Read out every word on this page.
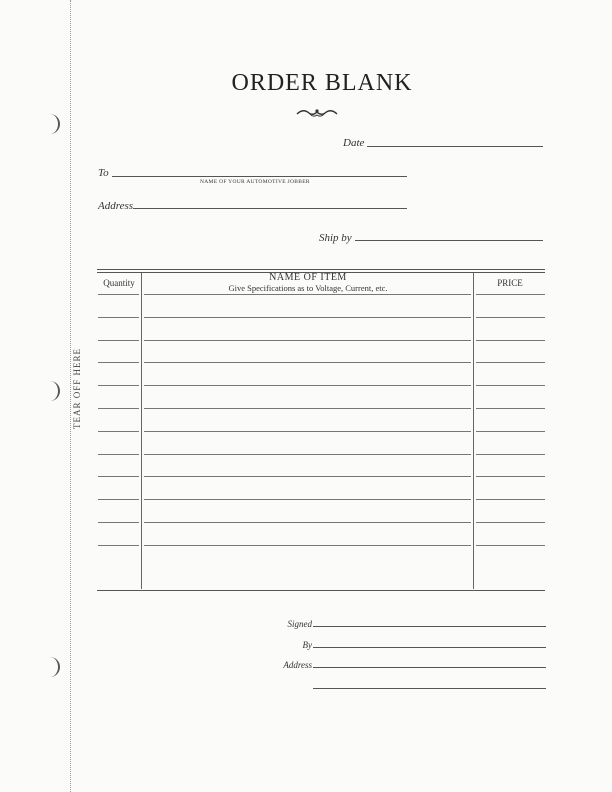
TEAR OFF HERE
ORDER BLANK
Date
To
NAME OF YOUR AUTOMOTIVE JOBBER
Address
Ship by
Quantity	NAME OF ITEM
Give Specifications as to Voltage, Current, etc.	PRICE
Signed
By
Address
